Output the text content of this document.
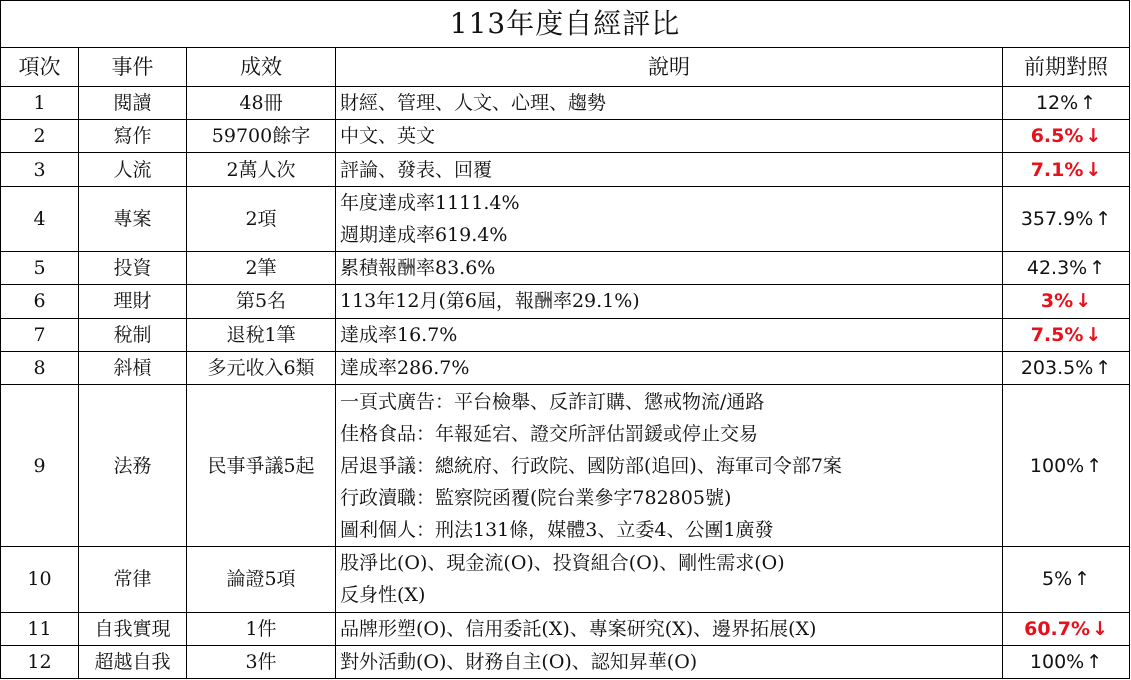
113年度自經評比				
項次	事件	成效	說明	前期對照
1	閱讀	48冊	財經、管理、人文、心理、趨勢	12% ↑
2	寫作	59700餘字	中文、英文	6.5% ↓
3	人流	2萬人次	評論、發表、回覆	7.1% ↓
4	專案	2項	年度達成率1111.4%
週期達成率619.4%	357.9% ↑
5	投資	2筆	累積報酬率83.6%	42.3% ↑
6	理財	第5名	113年12月(第6屆，報酬率29.1%)	3% ↓
7	稅制	退稅1筆	達成率16.7%	7.5% ↓
8	斜槓	多元收入6類	達成率286.7%	203.5% ↑
9	法務	民事爭議5起	一頁式廣告：平台檢舉、反詐訂購、懲戒物流/通路
佳格食品：年報延宕、證交所評估罰鍰或停止交易
居退爭議：總統府、行政院、國防部(追回)、海軍司令部7案
行政瀆職：監察院函覆(院台業參字782805號)
圖利個人：刑法131條，媒體3、立委4、公團1廣發	100% ↑
10	常律	論證5項	股淨比(O)、現金流(O)、投資組合(O)、剛性需求(O)
反身性(X)	5% ↑
11	自我實現	1件	品牌形塑(O)、信用委託(X)、專案研究(X)、邊界拓展(X)	60.7% ↓
12	超越自我	3件	對外活動(O)、財務自主(O)、認知昇華(O)	100% ↑
